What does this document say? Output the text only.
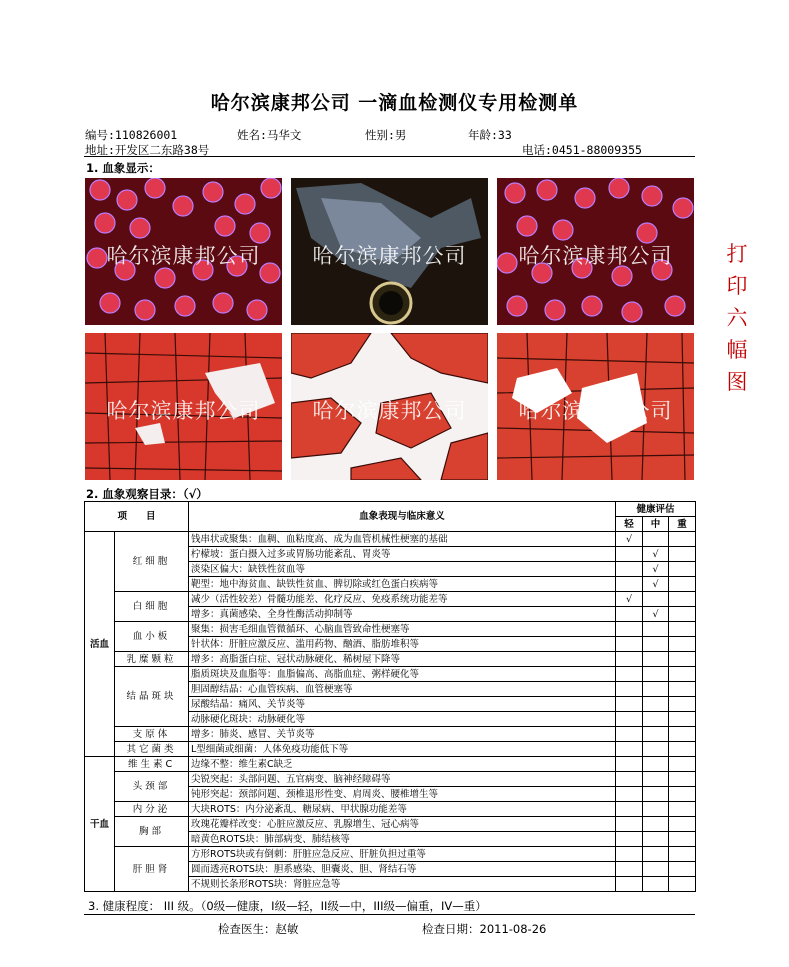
哈尔滨康邦公司 一滴血检测仪专用检测单
编号:110826001	姓名:马华文	性别:男	年龄:33
地址:开发区二东路38号	电话:0451-88009355
1. 血象显示：
哈尔滨康邦公司	哈尔滨康邦公司	哈尔滨康邦公司
哈尔滨康邦公司	哈尔滨康邦公司	哈尔滨康邦公司
打
印
六
幅
图
2. 血象观察目录：（√）
项　　目		血象表现与临床意义	健康评估		
			轻	中	重
活血	红细胞	钱串状或聚集：血稠、血粘度高、成为血管机械性梗塞的基础	√		
		柠檬坡：蛋白摄入过多或胃肠功能紊乱、胃炎等		√	
		淡染区偏大：缺铁性贫血等		√	
		靶型：地中海贫血、缺铁性贫血、脾切除或红色蛋白疾病等		√	
	白细胞	减少（活性较差）骨髓功能差、化疗反应、免疫系统功能差等	√		
		增多：真菌感染、全身性酶活动抑制等		√	
	血小板	聚集：损害毛细血管微循环、心脑血管致命性梗塞等			
		针状体：肝脏应激反应、滥用药物、酗酒、脂肪堆积等			
	乳糜颗粒	增多：高脂蛋白症、冠状动脉硬化、稀树屋下降等			
	结晶斑块	脂质斑块及血脂等：血脂偏高、高脂血症、粥样硬化等			
		胆固醇结晶：心血管疾病、血管梗塞等			
		尿酸结晶：痛风、关节炎等			
		动脉硬化斑块：动脉硬化等			
	支原体	增多：肺炎、感冒、关节炎等			
	其它菌类	L型细菌或细菌：人体免疫功能低下等			
干血	维生素C	边缘不整：维生素C缺乏			
	头颈部	尖锐突起：头部问题、五官病变、脑神经障碍等			
		钝形突起：颈部问题、颈椎退形性变、肩周炎、腰椎增生等			
	内分泌	大块ROTS：内分泌紊乱、糖尿病、甲状腺功能差等			
	胸部	玫瑰花瓣样改变：心脏应激反应、乳腺增生、冠心病等			
		暗黄色ROTS块：肺部病变、肺结核等			
	肝胆肾	方形ROTS块或有倒刺：肝脏应急反应、肝脏负担过重等			
		圆而透亮ROTS块：胆系感染、胆囊炎、胆、肾结石等			
		不规则长条形ROTS块：肾脏应急等			
3. 健康程度： III 级。（0级—健康，I级—轻，II级—中，III级—偏重，IV—重）
检查医生：赵敏	检查日期：2011-08-26
